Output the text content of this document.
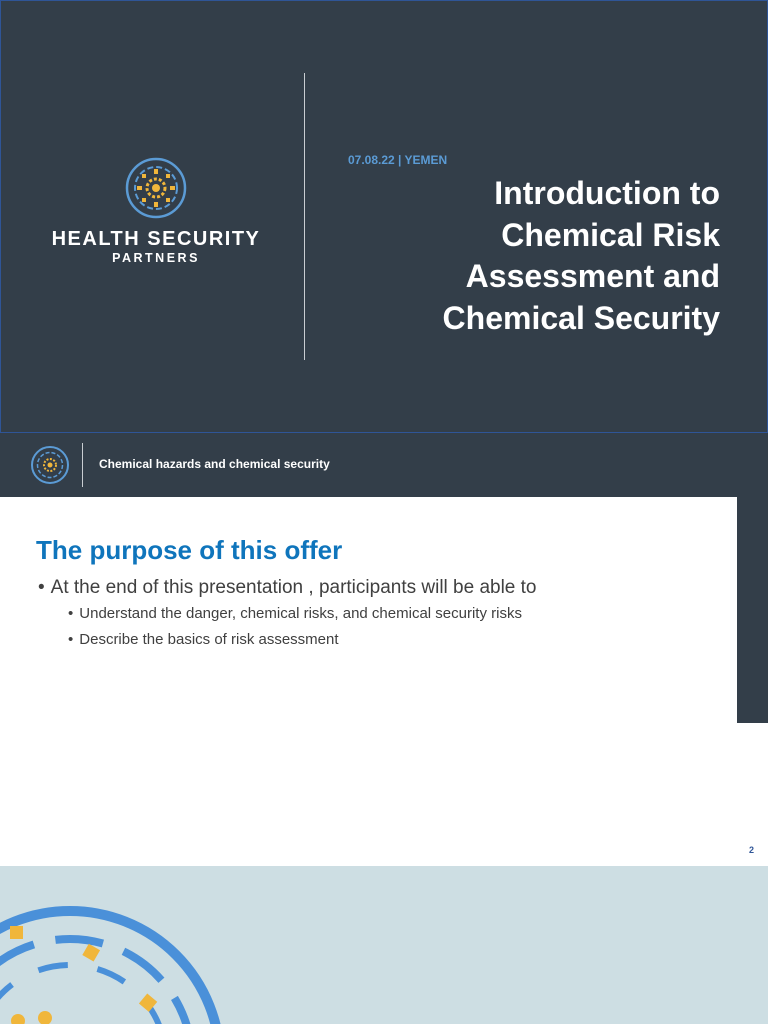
HEALTH SECURITY
PARTNERS
07.08.22 | YEMEN
Introduction to
Chemical Risk
Assessment and
Chemical Security
Chemical hazards and chemical security
The purpose of this offer
• At the end of this presentation , participants will be able to
• Understand the danger, chemical risks, and chemical security risks
• Describe the basics of risk assessment
2
